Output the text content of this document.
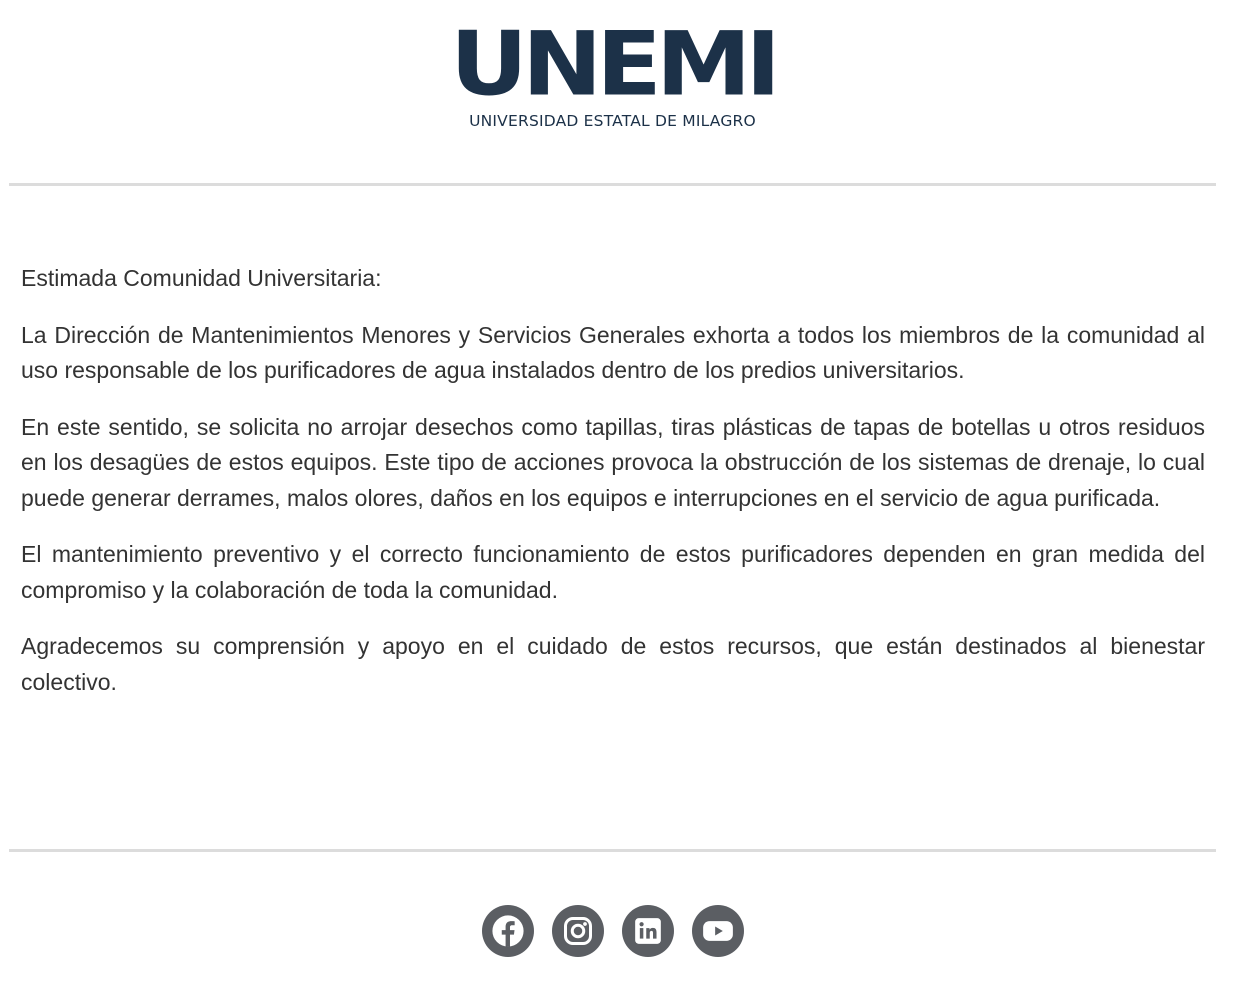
UNEMI
UNIVERSIDAD ESTATAL DE MILAGRO

Estimada Comunidad Universitaria:

La Dirección de Mantenimientos Menores y Servicios Generales exhorta a todos los miembros de la comunidad al uso responsable de los purificadores de agua instalados dentro de los predios universitarios.

En este sentido, se solicita no arrojar desechos como tapillas, tiras plásticas de tapas de botellas u otros residuos en los desagües de estos equipos. Este tipo de acciones provoca la obstrucción de los sistemas de drenaje, lo cual puede generar derrames, malos olores, daños en los equipos e interrupciones en el servicio de agua purificada.

El mantenimiento preventivo y el correcto funcionamiento de estos purificadores dependen en gran medida del compromiso y la colaboración de toda la comunidad.

Agradecemos su comprensión y apoyo en el cuidado de estos recursos, que están destinados al bienestar colectivo.
